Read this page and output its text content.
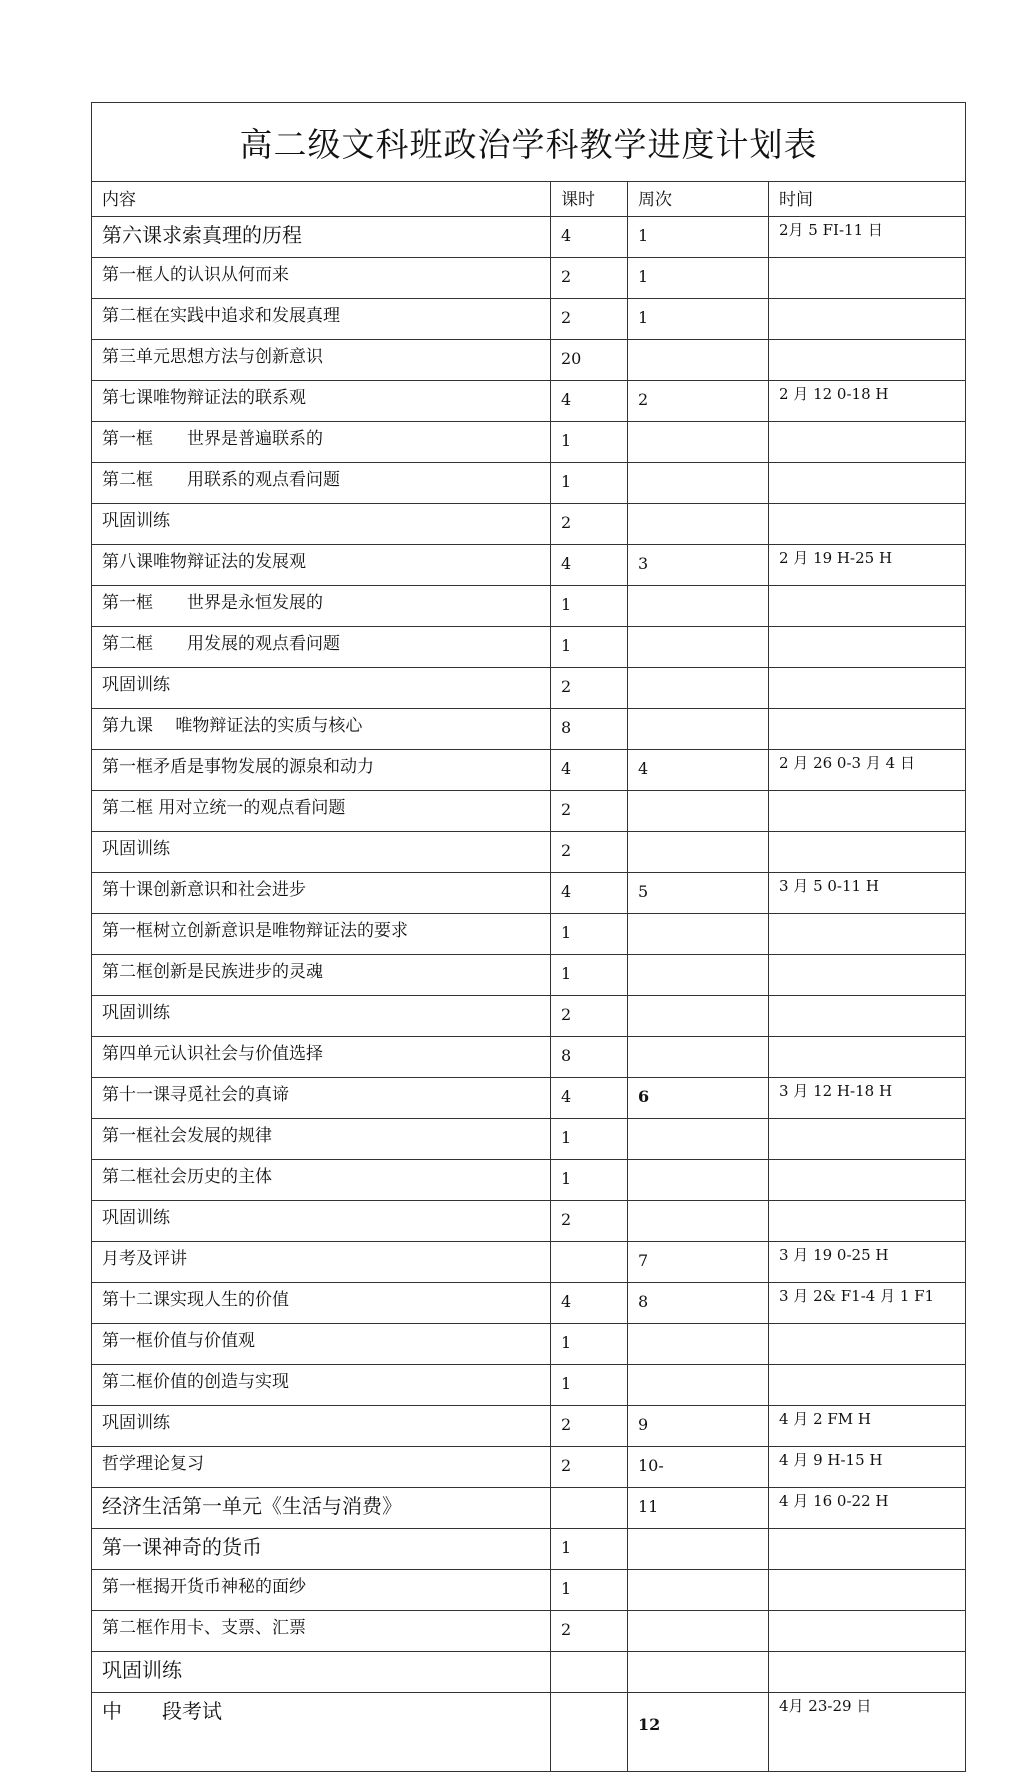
高二级文科班政治学科教学进度计划表			
内容	课时	周次	时间
第六课求索真理的历程	4	1	2月 5 FI-11 日
第一框人的认识从何而来	2	1	
第二框在实践中追求和发展真理	2	1	
第三单元思想方法与创新意识	20		
第七课唯物辩证法的联系观	4	2	2 月 12 0-18 H
第一框　　世界是普遍联系的	1		
第二框　　用联系的观点看问题	1		
巩固训练	2		
第八课唯物辩证法的发展观	4	3	2 月 19 H-25 H
第一框　　世界是永恒发展的	1		
第二框　　用发展的观点看问题	1		
巩固训练	2		
第九课　 唯物辩证法的实质与核心	8		
第一框矛盾是事物发展的源泉和动力	4	4	2 月 26 0-3 月 4 日
第二框 用对立统一的观点看问题	2		
巩固训练	2		
第十课创新意识和社会进步	4	5	3 月 5 0-11 H
第一框树立创新意识是唯物辩证法的要求	1		
第二框创新是民族进步的灵魂	1		
巩固训练	2		
第四单元认识社会与价值选择	8		
第十一课寻觅社会的真谛	4	6	3 月 12 H-18 H
第一框社会发展的规律	1		
第二框社会历史的主体	1		
巩固训练	2		
月考及评讲		7	3 月 19 0-25 H
第十二课实现人生的价值	4	8	3 月 2& F1-4 月 1 F1
第一框价值与价值观	1		
第二框价值的创造与实现	1		
巩固训练	2	9	4 月 2 FM H
哲学理论复习	2	10-	4 月 9 H-15 H
经济生活第一单元《生活与消费》		11	4 月 16 0-22 H
第一课神奇的货币	1		
第一框揭开货币神秘的面纱	1		
第二框作用卡、支票、汇票	2		
巩固训练			
中　　段考试		12	4月 23-29 日
